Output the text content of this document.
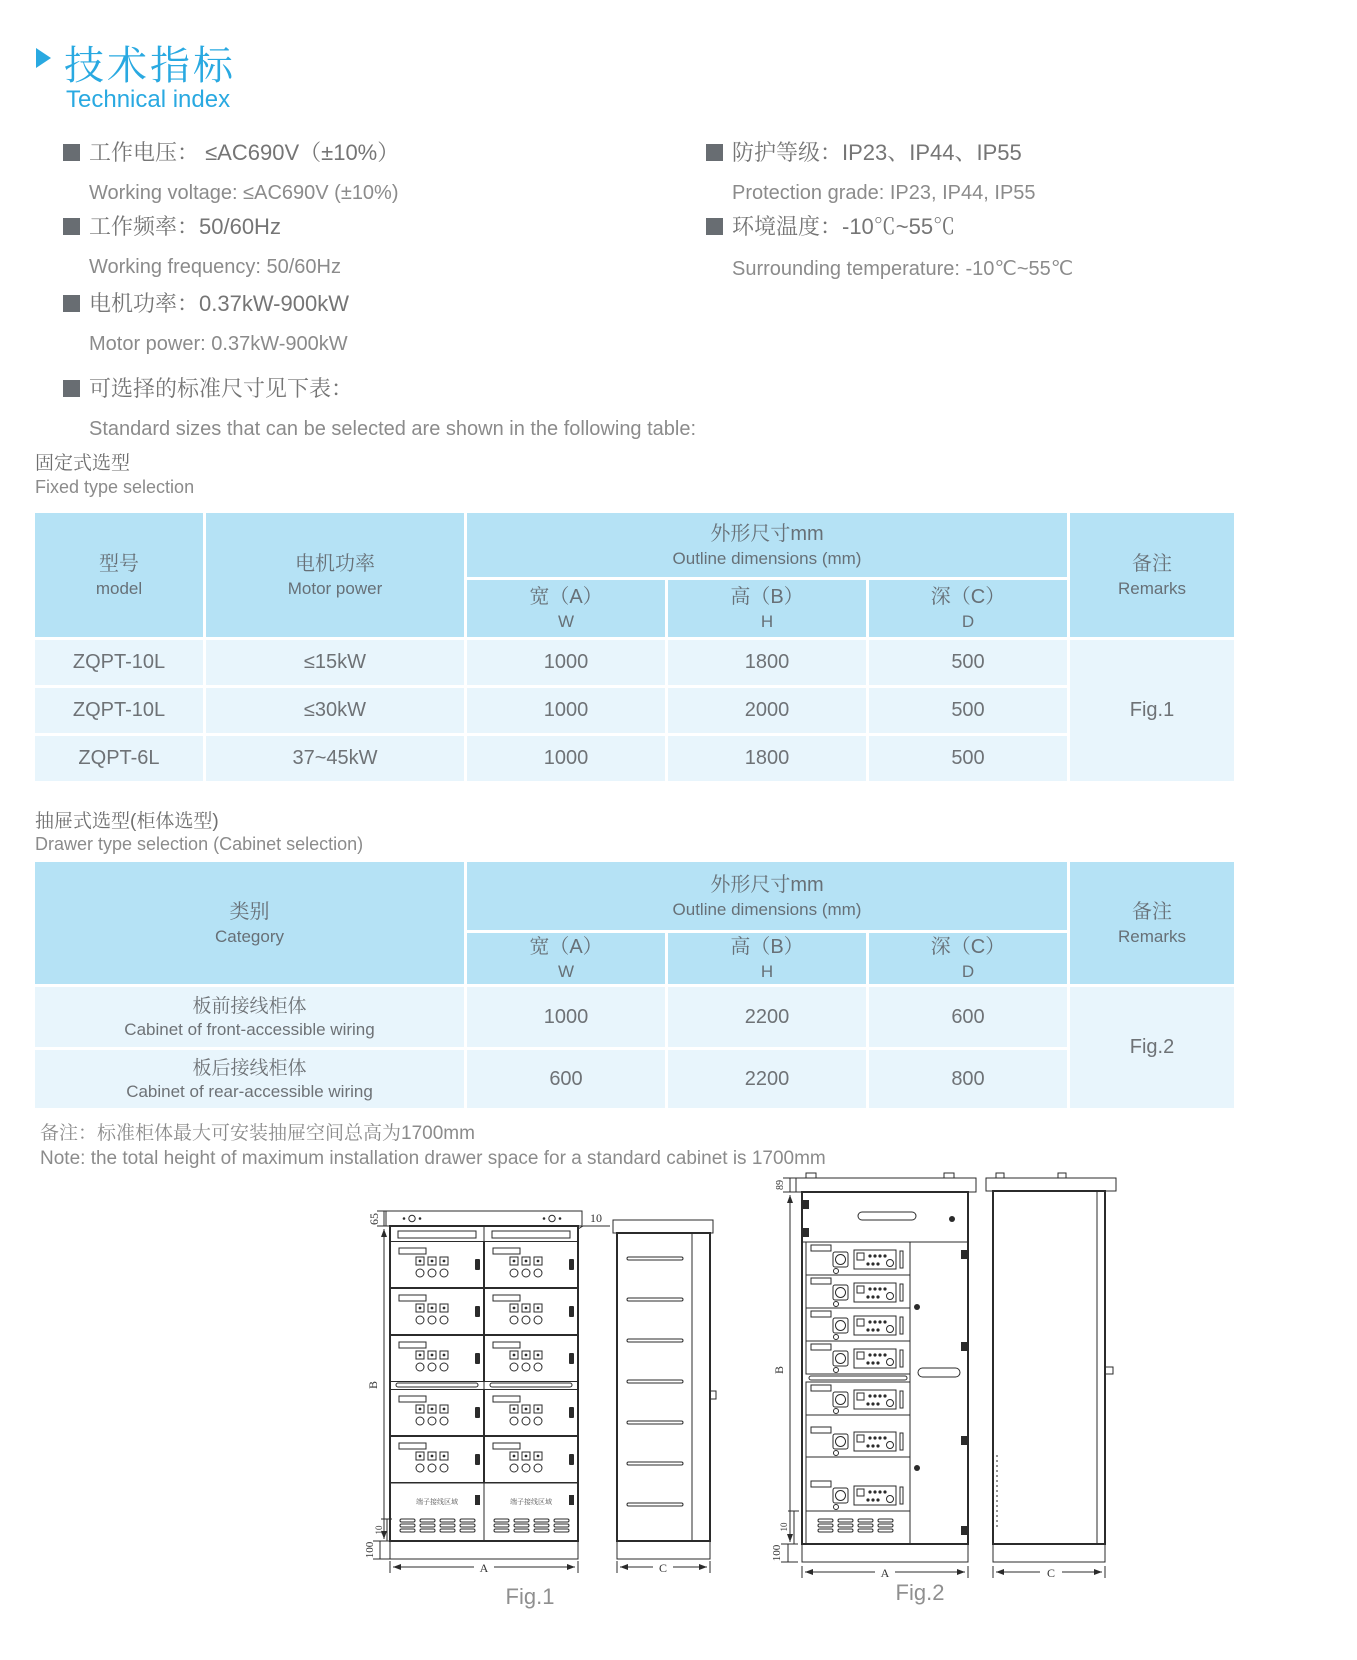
技术指标
Technical index
工作电压： ≤AC690V（±10%）
Working voltage: ≤AC690V (±10%)
工作频率：50/60Hz
Working frequency: 50/60Hz
电机功率：0.37kW-900kW
Motor power: 0.37kW-900kW
可选择的标准尺寸见下表：
Standard sizes that can be selected are shown in the following table:
防护等级：IP23、IP44、IP55
Protection grade: IP23, IP44, IP55
环境温度：-10℃~55℃
Surrounding temperature: -10℃~55℃
固定式选型
Fixed type selection
型号
model
电机功率
Motor power
外形尺寸mm
Outline dimensions (mm)	备注
Remarks
宽（A）
W
高（B）
H
深（C）
D
ZQPT-10L	≤15kW	1000	1800	500
Fig.1
ZQPT-10L	≤30kW	1000	2000	500
ZQPT-6L	37~45kW	1000	1800	500
抽屉式选型(柜体选型)
Drawer type selection (Cabinet selection)
类别
Category
外形尺寸mm
Outline dimensions (mm)	备注
Remarks
宽（A）
W
高（B）
H
深（C）
D
板前接线柜体
Cabinet of front-accessible wiring
1000	2200	600
Fig.2
板后接线柜体
Cabinet of rear-accessible wiring
600	2200	800
备注：标准柜体最大可安装抽屉空间总高为1700mm
Note: the total height of maximum installation drawer space for a standard cabinet is 1700mm
端子接线区域	端子接线区域
65	10
B
10
100
A	C
89
B
10
100
A	C
Fig.1	Fig.2
